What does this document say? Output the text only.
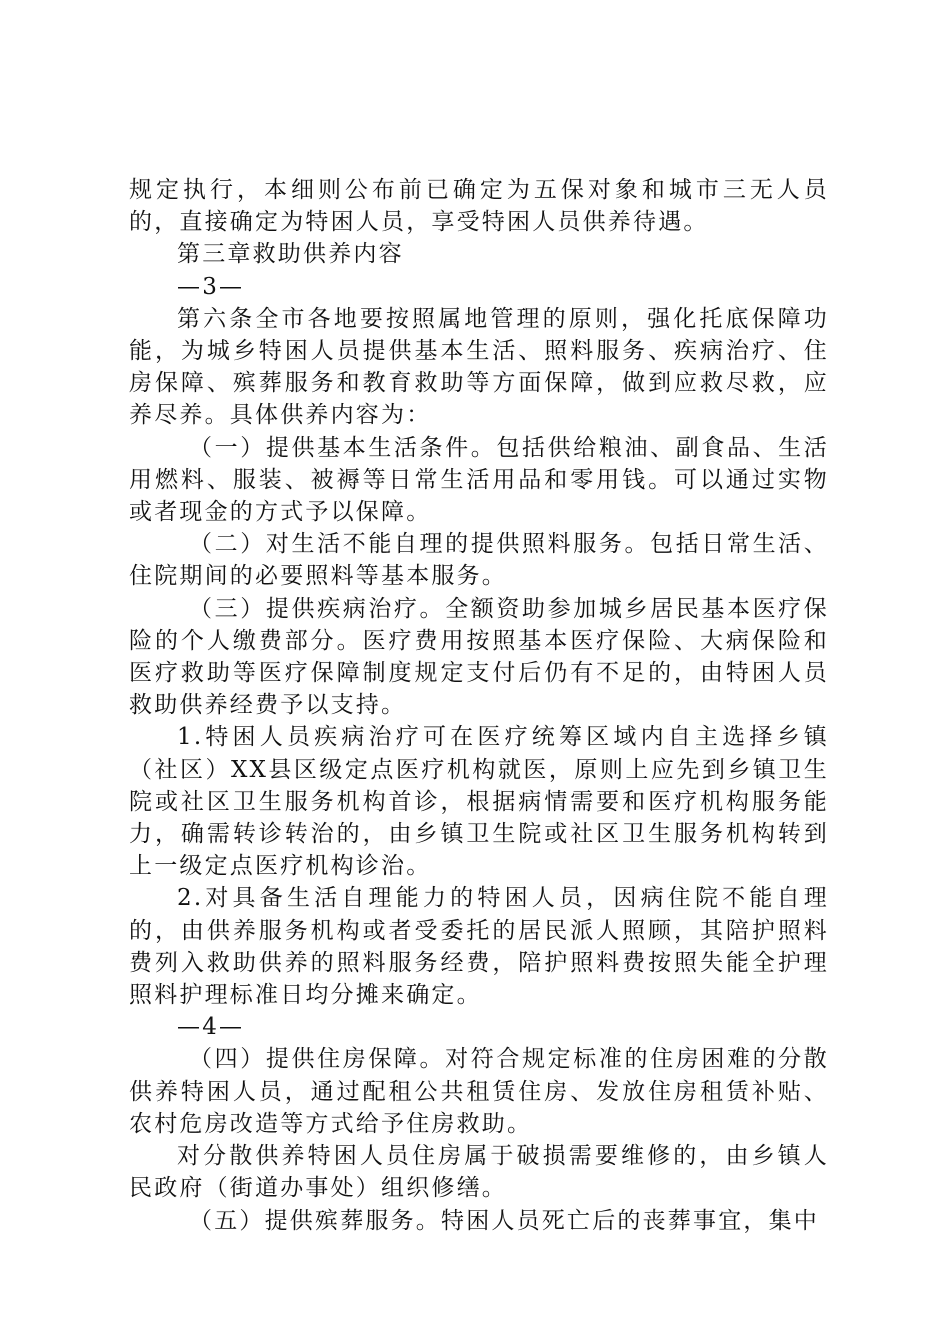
规定执行，本细则公布前已确定为五保对象和城市三无人员的，直接确定为特困人员，享受特困人员供养待遇。

第三章救助供养内容

—3—

第六条全市各地要按照属地管理的原则，强化托底保障功能，为城乡特困人员提供基本生活、照料服务、疾病治疗、住房保障、殡葬服务和教育救助等方面保障，做到应救尽救，应养尽养。具体供养内容为：

（一）提供基本生活条件。包括供给粮油、副食品、生活用燃料、服装、被褥等日常生活用品和零用钱。可以通过实物或者现金的方式予以保障。

（二）对生活不能自理的提供照料服务。包括日常生活、住院期间的必要照料等基本服务。

（三）提供疾病治疗。全额资助参加城乡居民基本医疗保险的个人缴费部分。医疗费用按照基本医疗保险、大病保险和医疗救助等医疗保障制度规定支付后仍有不足的，由特困人员救助供养经费予以支持。

1.特困人员疾病治疗可在医疗统筹区域内自主选择乡镇（社区）XX县区级定点医疗机构就医，原则上应先到乡镇卫生院或社区卫生服务机构首诊，根据病情需要和医疗机构服务能力，确需转诊转治的，由乡镇卫生院或社区卫生服务机构转到上一级定点医疗机构诊治。

2.对具备生活自理能力的特困人员，因病住院不能自理的，由供养服务机构或者受委托的居民派人照顾，其陪护照料费列入救助供养的照料服务经费，陪护照料费按照失能全护理照料护理标准日均分摊来确定。

—4—

（四）提供住房保障。对符合规定标准的住房困难的分散供养特困人员，通过配租公共租赁住房、发放住房租赁补贴、农村危房改造等方式给予住房救助。

对分散供养特困人员住房属于破损需要维修的，由乡镇人民政府（街道办事处）组织修缮。

（五）提供殡葬服务。特困人员死亡后的丧葬事宜，集中
